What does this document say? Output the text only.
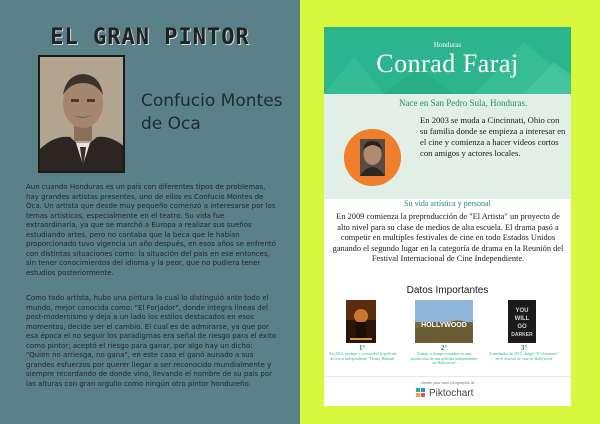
EL GRAN PINTOR
Confucio Montes de Oca

Aun cuando Honduras es un país con diferentes tipos de problemas, hay grandes artistas presentes, uno de ellos es Confucio Montes de Oca. Un artista que desde muy pequeño comenzó a interesarse por los temas artísticos, especialmente en el teatro. Su vida fue extraordinaria, ya que se marchó a Europa a realizar sus sueños estudiando artes, pero no contaba que la beca que le habían proporcionado tuvo vigencia un año después, en esos años se enfrentó con distintas situaciones como: la situación del país en ese entonces, sin tener conocimientos del idioma y la peor, que no pudiera tener estudios posteriormente.

Como todo artista, hubo una pintura la cual lo distinguió ante todo el mundo, mejor conocida como: "El Forjador", donde integra líneas del post-modernismo y deja a un lado los estilos destacados en esos momentos, decide ser el cambio. El cual es de admirarse, ya que por esa época el no seguir los paradigmas era señal de riesgo para el éxito como pintor; aceptó el riesgo para ganar, por algo hay un dicho: "Quien no arriesga, no gana", en este caso el ganó aunado a sus grandes esfuerzos por querer llegar a ser reconocido mundialmente y siempre recordando de donde vino, llevando el nombre de su país por las alturas con gran orgullo como ningún otro pintor hondureño.

Honduras
Conrad Faraj
Nace en San Pedro Sula, Honduras.
En 2003 se muda a Cincinnati, Ohio con su familia donde se empieza a interesar en el cine y comienza a hacer videos cortos con amigos y actores locales.
Su vida artística y personal
En 2009 comienza la preproducción de "El Artista" un proyecto de alto nivel para su clase de medios de alta escuela. El drama pasó a competir en multiples festivales de cine en todo Estados Unidos ganando el segundo lugar en la categoría de drama en la Reunión del Festival Internacional de Cine Independiente.
Datos Importantes
1°
En 2013, produjo y co-escribió la película de terror independiente "Honey Hannah"
HOLLYWOOD
2°
Trabajo a tiempo completo en una producción de una película independiente en Hollywood
YOU
WILL
GO
DARKER
3°
A mediados de 2015, dirigió "El Asesinato" en el festival de cine en Hollywood
create your own infographic at
Piktochart
